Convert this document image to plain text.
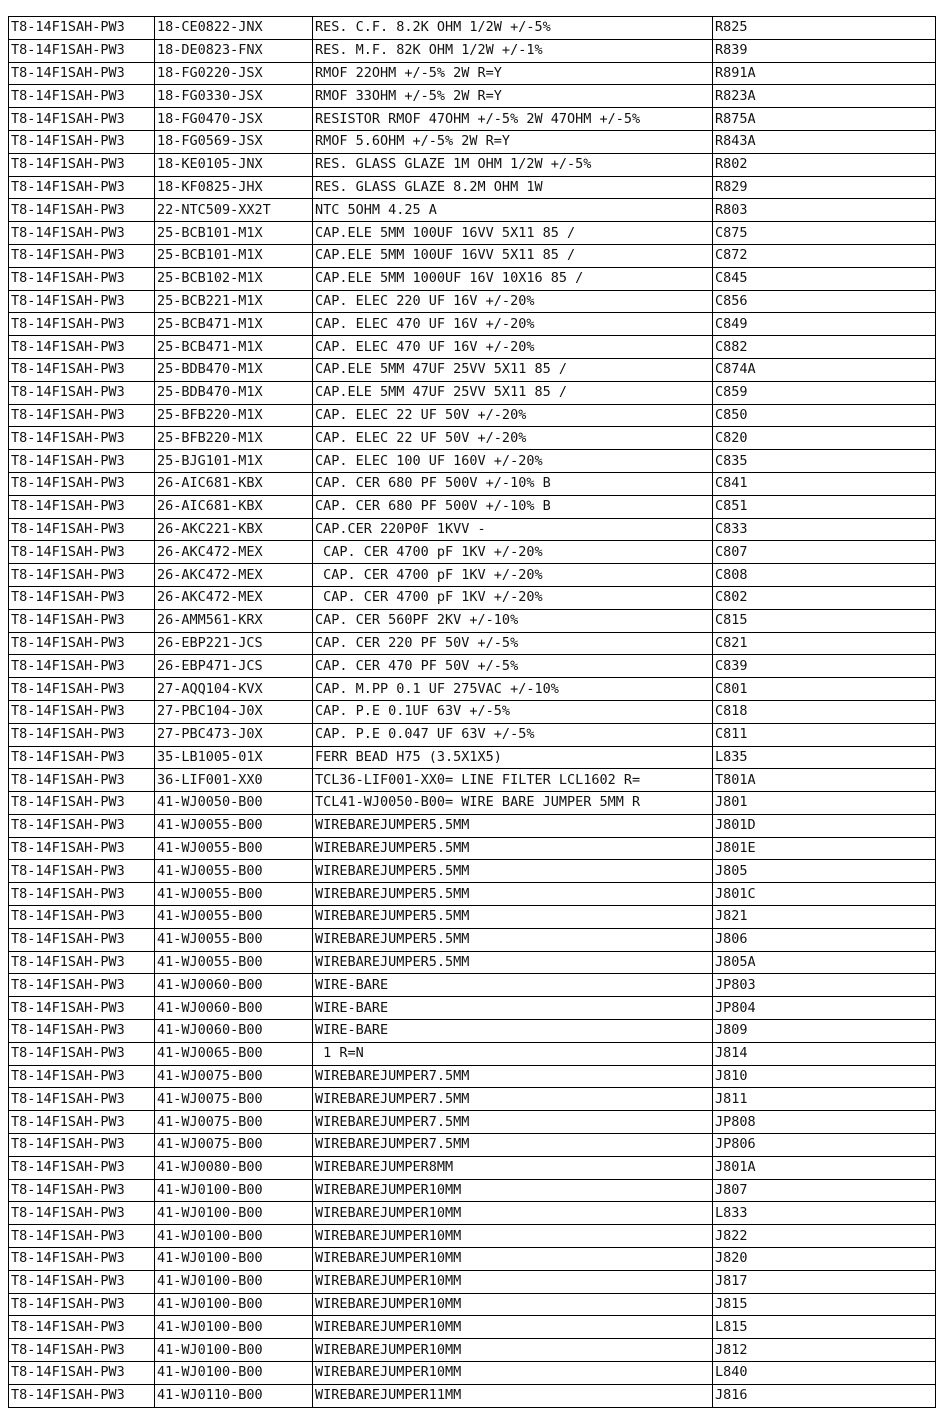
T8-14F1SAH-PW3	18-CE0822-JNX	RES. C.F. 8.2K OHM 1/2W +/-5%	R825
T8-14F1SAH-PW3	18-DE0823-FNX	RES. M.F. 82K OHM 1/2W +/-1%	R839
T8-14F1SAH-PW3	18-FG0220-JSX	RMOF 22OHM +/-5% 2W R=Y	R891A
T8-14F1SAH-PW3	18-FG0330-JSX	RMOF 33OHM +/-5% 2W R=Y	R823A
T8-14F1SAH-PW3	18-FG0470-JSX	RESISTOR RMOF 47OHM +/-5% 2W 47OHM +/-5%	R875A
T8-14F1SAH-PW3	18-FG0569-JSX	RMOF 5.6OHM +/-5% 2W R=Y	R843A
T8-14F1SAH-PW3	18-KE0105-JNX	RES. GLASS GLAZE 1M OHM 1/2W +/-5%	R802
T8-14F1SAH-PW3	18-KF0825-JHX	RES. GLASS GLAZE 8.2M OHM 1W	R829
T8-14F1SAH-PW3	22-NTC509-XX2T	NTC 5OHM 4.25 A	R803
T8-14F1SAH-PW3	25-BCB101-M1X	CAP.ELE 5MM 100UF 16VV 5X11 85 /	C875
T8-14F1SAH-PW3	25-BCB101-M1X	CAP.ELE 5MM 100UF 16VV 5X11 85 /	C872
T8-14F1SAH-PW3	25-BCB102-M1X	CAP.ELE 5MM 1000UF 16V 10X16 85 /	C845
T8-14F1SAH-PW3	25-BCB221-M1X	CAP. ELEC 220 UF 16V +/-20%	C856
T8-14F1SAH-PW3	25-BCB471-M1X	CAP. ELEC 470 UF 16V +/-20%	C849
T8-14F1SAH-PW3	25-BCB471-M1X	CAP. ELEC 470 UF 16V +/-20%	C882
T8-14F1SAH-PW3	25-BDB470-M1X	CAP.ELE 5MM 47UF 25VV 5X11 85 /	C874A
T8-14F1SAH-PW3	25-BDB470-M1X	CAP.ELE 5MM 47UF 25VV 5X11 85 /	C859
T8-14F1SAH-PW3	25-BFB220-M1X	CAP. ELEC 22 UF 50V +/-20%	C850
T8-14F1SAH-PW3	25-BFB220-M1X	CAP. ELEC 22 UF 50V +/-20%	C820
T8-14F1SAH-PW3	25-BJG101-M1X	CAP. ELEC 100 UF 160V +/-20%	C835
T8-14F1SAH-PW3	26-AIC681-KBX	CAP. CER 680 PF 500V +/-10% B	C841
T8-14F1SAH-PW3	26-AIC681-KBX	CAP. CER 680 PF 500V +/-10% B	C851
T8-14F1SAH-PW3	26-AKC221-KBX	CAP.CER 220P0F 1KVV -	C833
T8-14F1SAH-PW3	26-AKC472-MEX	CAP. CER 4700 pF 1KV +/-20%	C807
T8-14F1SAH-PW3	26-AKC472-MEX	CAP. CER 4700 pF 1KV +/-20%	C808
T8-14F1SAH-PW3	26-AKC472-MEX	CAP. CER 4700 pF 1KV +/-20%	C802
T8-14F1SAH-PW3	26-AMM561-KRX	CAP. CER 560PF 2KV +/-10%	C815
T8-14F1SAH-PW3	26-EBP221-JCS	CAP. CER 220 PF 50V +/-5%	C821
T8-14F1SAH-PW3	26-EBP471-JCS	CAP. CER 470 PF 50V +/-5%	C839
T8-14F1SAH-PW3	27-AQQ104-KVX	CAP. M.PP 0.1 UF 275VAC +/-10%	C801
T8-14F1SAH-PW3	27-PBC104-J0X	CAP. P.E 0.1UF 63V +/-5%	C818
T8-14F1SAH-PW3	27-PBC473-J0X	CAP. P.E 0.047 UF 63V +/-5%	C811
T8-14F1SAH-PW3	35-LB1005-01X	FERR BEAD H75 (3.5X1X5)	L835
T8-14F1SAH-PW3	36-LIF001-XX0	TCL36-LIF001-XX0= LINE FILTER LCL1602 R=	T801A
T8-14F1SAH-PW3	41-WJ0050-B00	TCL41-WJ0050-B00= WIRE BARE JUMPER 5MM R	J801
T8-14F1SAH-PW3	41-WJ0055-B00	WIREBAREJUMPER5.5MM	J801D
T8-14F1SAH-PW3	41-WJ0055-B00	WIREBAREJUMPER5.5MM	J801E
T8-14F1SAH-PW3	41-WJ0055-B00	WIREBAREJUMPER5.5MM	J805
T8-14F1SAH-PW3	41-WJ0055-B00	WIREBAREJUMPER5.5MM	J801C
T8-14F1SAH-PW3	41-WJ0055-B00	WIREBAREJUMPER5.5MM	J821
T8-14F1SAH-PW3	41-WJ0055-B00	WIREBAREJUMPER5.5MM	J806
T8-14F1SAH-PW3	41-WJ0055-B00	WIREBAREJUMPER5.5MM	J805A
T8-14F1SAH-PW3	41-WJ0060-B00	WIRE-BARE	JP803
T8-14F1SAH-PW3	41-WJ0060-B00	WIRE-BARE	JP804
T8-14F1SAH-PW3	41-WJ0060-B00	WIRE-BARE	J809
T8-14F1SAH-PW3	41-WJ0065-B00	1 R=N	J814
T8-14F1SAH-PW3	41-WJ0075-B00	WIREBAREJUMPER7.5MM	J810
T8-14F1SAH-PW3	41-WJ0075-B00	WIREBAREJUMPER7.5MM	J811
T8-14F1SAH-PW3	41-WJ0075-B00	WIREBAREJUMPER7.5MM	JP808
T8-14F1SAH-PW3	41-WJ0075-B00	WIREBAREJUMPER7.5MM	JP806
T8-14F1SAH-PW3	41-WJ0080-B00	WIREBAREJUMPER8MM	J801A
T8-14F1SAH-PW3	41-WJ0100-B00	WIREBAREJUMPER10MM	J807
T8-14F1SAH-PW3	41-WJ0100-B00	WIREBAREJUMPER10MM	L833
T8-14F1SAH-PW3	41-WJ0100-B00	WIREBAREJUMPER10MM	J822
T8-14F1SAH-PW3	41-WJ0100-B00	WIREBAREJUMPER10MM	J820
T8-14F1SAH-PW3	41-WJ0100-B00	WIREBAREJUMPER10MM	J817
T8-14F1SAH-PW3	41-WJ0100-B00	WIREBAREJUMPER10MM	J815
T8-14F1SAH-PW3	41-WJ0100-B00	WIREBAREJUMPER10MM	L815
T8-14F1SAH-PW3	41-WJ0100-B00	WIREBAREJUMPER10MM	J812
T8-14F1SAH-PW3	41-WJ0100-B00	WIREBAREJUMPER10MM	L840
T8-14F1SAH-PW3	41-WJ0110-B00	WIREBAREJUMPER11MM	J816
